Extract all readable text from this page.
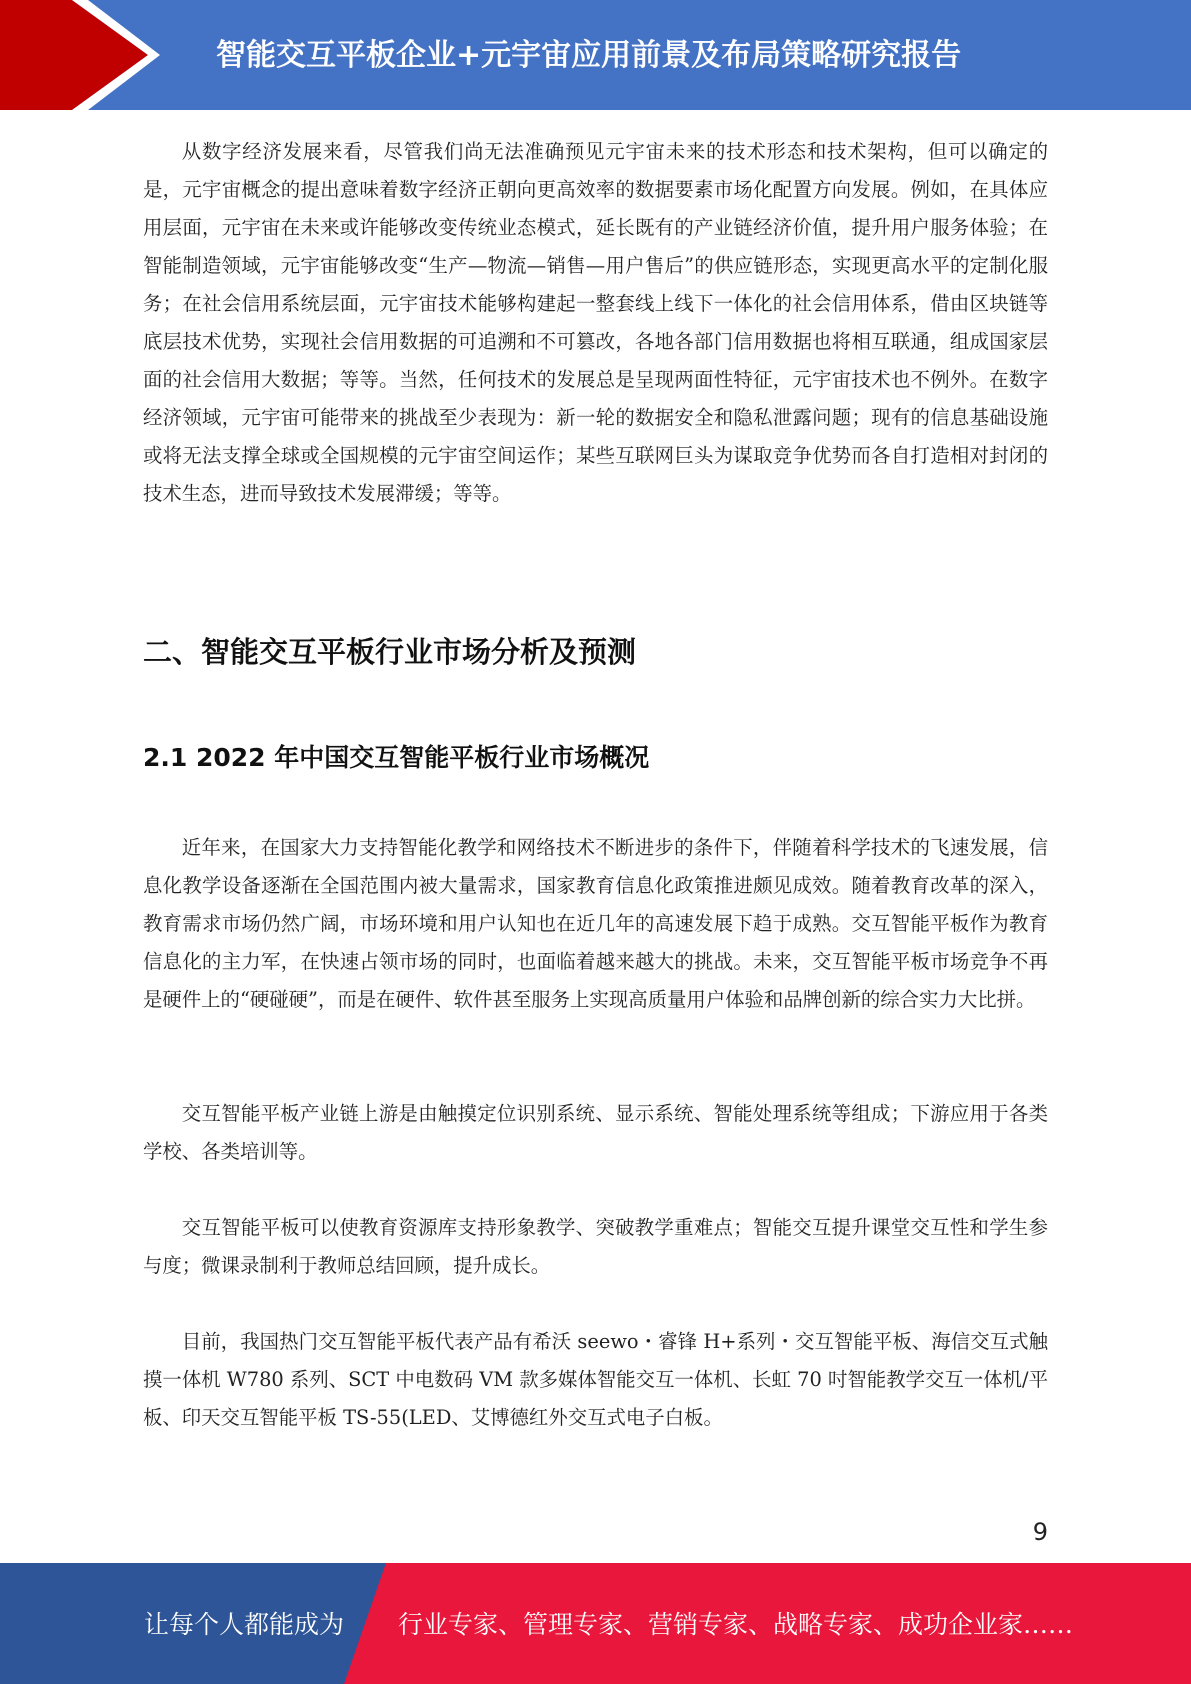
智能交互平板企业+元宇宙应用前景及布局策略研究报告

从数字经济发展来看，尽管我们尚无法准确预见元宇宙未来的技术形态和技术架构，但可以确定的是，元宇宙概念的提出意味着数字经济正朝向更高效率的数据要素市场化配置方向发展。例如，在具体应用层面，元宇宙在未来或许能够改变传统业态模式，延长既有的产业链经济价值，提升用户服务体验；在智能制造领域，元宇宙能够改变“生产—物流—销售—用户售后”的供应链形态，实现更高水平的定制化服务；在社会信用系统层面，元宇宙技术能够构建起一整套线上线下一体化的社会信用体系，借由区块链等底层技术优势，实现社会信用数据的可追溯和不可篡改，各地各部门信用数据也将相互联通，组成国家层面的社会信用大数据；等等。当然，任何技术的发展总是呈现两面性特征，元宇宙技术也不例外。在数字经济领域，元宇宙可能带来的挑战至少表现为：新一轮的数据安全和隐私泄露问题；现有的信息基础设施或将无法支撑全球或全国规模的元宇宙空间运作；某些互联网巨头为谋取竞争优势而各自打造相对封闭的技术生态，进而导致技术发展滞缓；等等。

二、智能交互平板行业市场分析及预测
2.1 2022 年中国交互智能平板行业市场概况

近年来，在国家大力支持智能化教学和网络技术不断进步的条件下，伴随着科学技术的飞速发展，信息化教学设备逐渐在全国范围内被大量需求，国家教育信息化政策推进颇见成效。随着教育改革的深入，教育需求市场仍然广阔，市场环境和用户认知也在近几年的高速发展下趋于成熟。交互智能平板作为教育信息化的主力军，在快速占领市场的同时，也面临着越来越大的挑战。未来，交互智能平板市场竞争不再是硬件上的“硬碰硬”，而是在硬件、软件甚至服务上实现高质量用户体验和品牌创新的综合实力大比拼。

交互智能平板产业链上游是由触摸定位识别系统、显示系统、智能处理系统等组成；下游应用于各类学校、各类培训等。

交互智能平板可以使教育资源库支持形象教学、突破教学重难点；智能交互提升课堂交互性和学生参与度；微课录制利于教师总结回顾，提升成长。

目前，我国热门交互智能平板代表产品有希沃 seewo・睿锋 H+系列・交互智能平板、海信交互式触摸一体机 W780 系列、SCT 中电数码 VM 款多媒体智能交互一体机、长虹 70 吋智能教学交互一体机/平板、印天交互智能平板 TS-55(LED、艾博德红外交互式电子白板。

9
让每个人都能成为 行业专家、管理专家、营销专家、战略专家、成功企业家……
